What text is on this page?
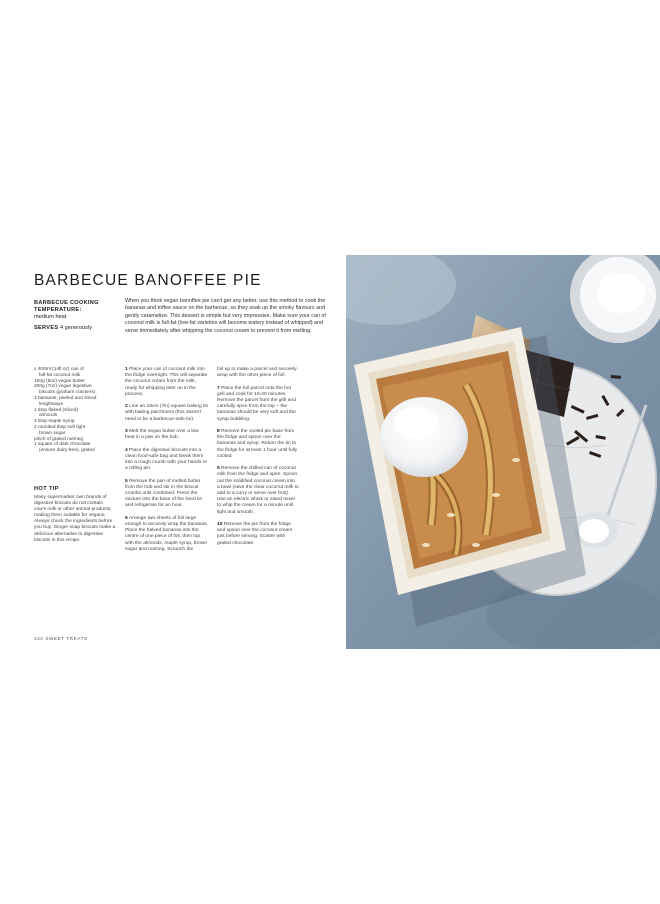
BARBECUE BANOFFEE PIE
BARBECUE COOKING TEMPERATURE:
medium heat
SERVES 4 generously
When you think vegan banoffee pie can't get any better, use this method to cook the bananas and toffee sauce on the barbecue, so they soak up the smoky flavours and gently caramelize. This dessert is simple but very impressive. Make sure your can of coconut milk is full-fat (low-fat varieties will become watery instead of whipped) and serve immediately after whipping the coconut cream to prevent it from melting.
x 400ml (14fl oz) can of
full-fat coconut milk
150g (5oz) vegan butter
200g (7oz) vegan digestive
biscuits (graham crackers)
3 bananas, peeled and sliced
lengthways
1 tbsp flaked (sliced)
almonds
4 tbsp maple syrup
2 rounded tbsp soft light
brown sugar
pinch of grated nutmeg
1 square of dark chocolate
(ensure dairy-free), grated
HOT TIP
Many supermarket own brands of digestive biscuits do not contain cow's milk or other animal products, making them suitable for vegans. Always check the ingredients before you buy. Ginger snap biscuits make a delicious alternative to digestive biscuits in this recipe.

1 Place your can of coconut milk into the fridge overnight. This will separate the coconut cream from the milk, ready for whipping later on in the process.

2 Line an 18cm (7in) square baking tin with baking parchment (this doesn't need to be a barbecue-safe tin).

3 Melt the vegan butter over a low heat in a pan on the hob.

4 Place the digestive biscuits into a clean food-safe bag and break them into a rough crumb with your hands or a rolling pin.

5 Remove the pan of melted butter from the hob and stir in the biscuit crumbs until combined. Press the mixture into the base of the lined tin and refrigerate for an hour.

6 Arrange two sheets of foil large enough to securely wrap the bananas. Place the halved bananas into the centre of one piece of foil, then top with the almonds, maple syrup, brown sugar and nutmeg. Scrunch the

foil up to make a parcel and securely wrap with the other piece of foil.

7 Place the foil parcel onto the hot grill and cook for 15-20 minutes. Remove the parcel from the grill and carefully open from the top – the bananas should be very soft and the syrup bubbling.

8 Remove the cooled pie base from the fridge and spoon over the bananas and syrup. Return the tin to the fridge for at least 1 hour until fully cooled.

9 Remove the chilled can of coconut milk from the fridge and open. Spoon out the solidified coconut cream into a bowl (save the clear coconut milk to add to a curry or serve over fruit). Use an electric whisk or stand mixer to whip the cream for a minute until light and smooth.

10 Remove the pie from the fridge and spoon over the coconut cream just before serving. Scatter with grated chocolate.

134 SWEET TREATS
